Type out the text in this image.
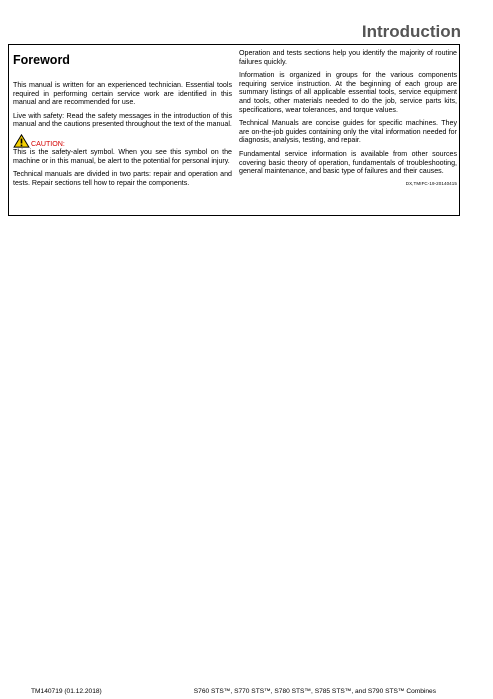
Introduction
Foreword

This manual is written for an experienced technician. Essential tools required in performing certain service work are identified in this manual and are recommended for use.

Live with safety: Read the safety messages in the introduction of this manual and the cautions presented throughout the text of the manual.

CAUTION:

This is the safety-alert symbol. When you see this symbol on the machine or in this manual, be alert to the potential for personal injury.

Technical manuals are divided in two parts: repair and operation and tests. Repair sections tell how to repair the components.

Operation and tests sections help you identify the majority of routine failures quickly.

Information is organized in groups for the various components requiring service instruction. At the beginning of each group are summary listings of all applicable essential tools, service equipment and tools, other materials needed to do the job, service parts kits, specifications, wear tolerances, and torque values.

Technical Manuals are concise guides for specific machines. They are on-the-job guides containing only the vital information needed for diagnosis, analysis, testing, and repair.

Fundamental service information is available from other sources covering basic theory of operation, fundamentals of troubleshooting, general maintenance, and basic type of failures and their causes.

DX,TMIFC-19-20140415
TM140719 (01.12.2018)	S760 STS™, S770 STS™, S780 STS™, S785 STS™, and S790 STS™ Combines
